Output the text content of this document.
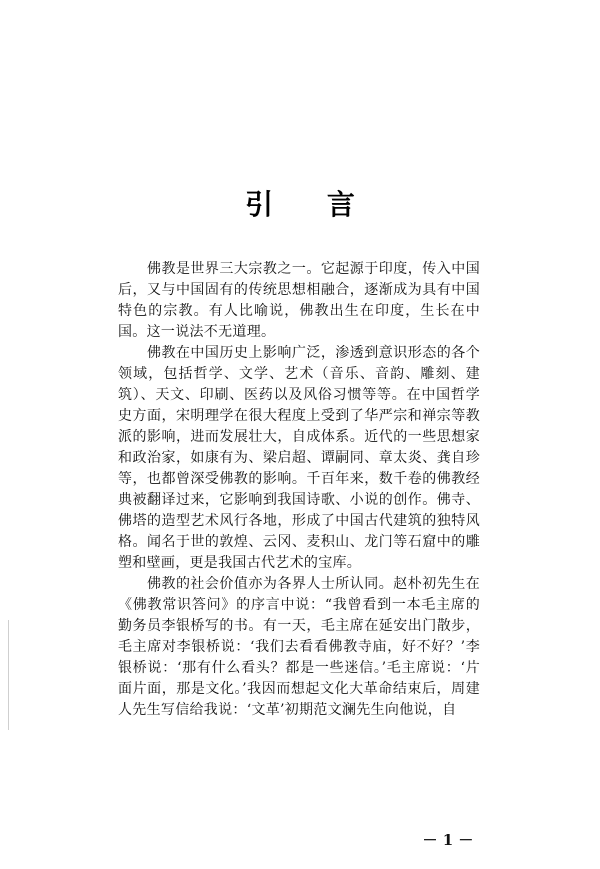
引 言

　　佛教是世界三大宗教之一。它起源于印度，传入中国后，又与中国固有的传统思想相融合，逐渐成为具有中国特色的宗教。有人比喻说，佛教出生在印度，生长在中国。这一说法不无道理。

　　佛教在中国历史上影响广泛，渗透到意识形态的各个领域，包括哲学、文学、艺术（音乐、音韵、雕刻、建筑）、天文、印刷、医药以及风俗习惯等等。在中国哲学史方面，宋明理学在很大程度上受到了华严宗和禅宗等教派的影响，进而发展壮大，自成体系。近代的一些思想家和政治家，如康有为、梁启超、谭嗣同、章太炎、龚自珍等，也都曾深受佛教的影响。千百年来，数千卷的佛教经典被翻译过来，它影响到我国诗歌、小说的创作。佛寺、佛塔的造型艺术风行各地，形成了中国古代建筑的独特风格。闻名于世的敦煌、云冈、麦积山、龙门等石窟中的雕塑和壁画，更是我国古代艺术的宝库。

　　佛教的社会价值亦为各界人士所认同。赵朴初先生在《佛教常识答问》的序言中说：“我曾看到一本毛主席的勤务员李银桥写的书。有一天，毛主席在延安出门散步，毛主席对李银桥说：‘我们去看看佛教寺庙，好不好？’李银桥说：‘那有什么看头？都是一些迷信。’毛主席说：‘片面片面，那是文化。’我因而想起文化大革命结束后，周建人先生写信给我说：‘文革’初期范文澜先生向他说，自

－ 1 －
